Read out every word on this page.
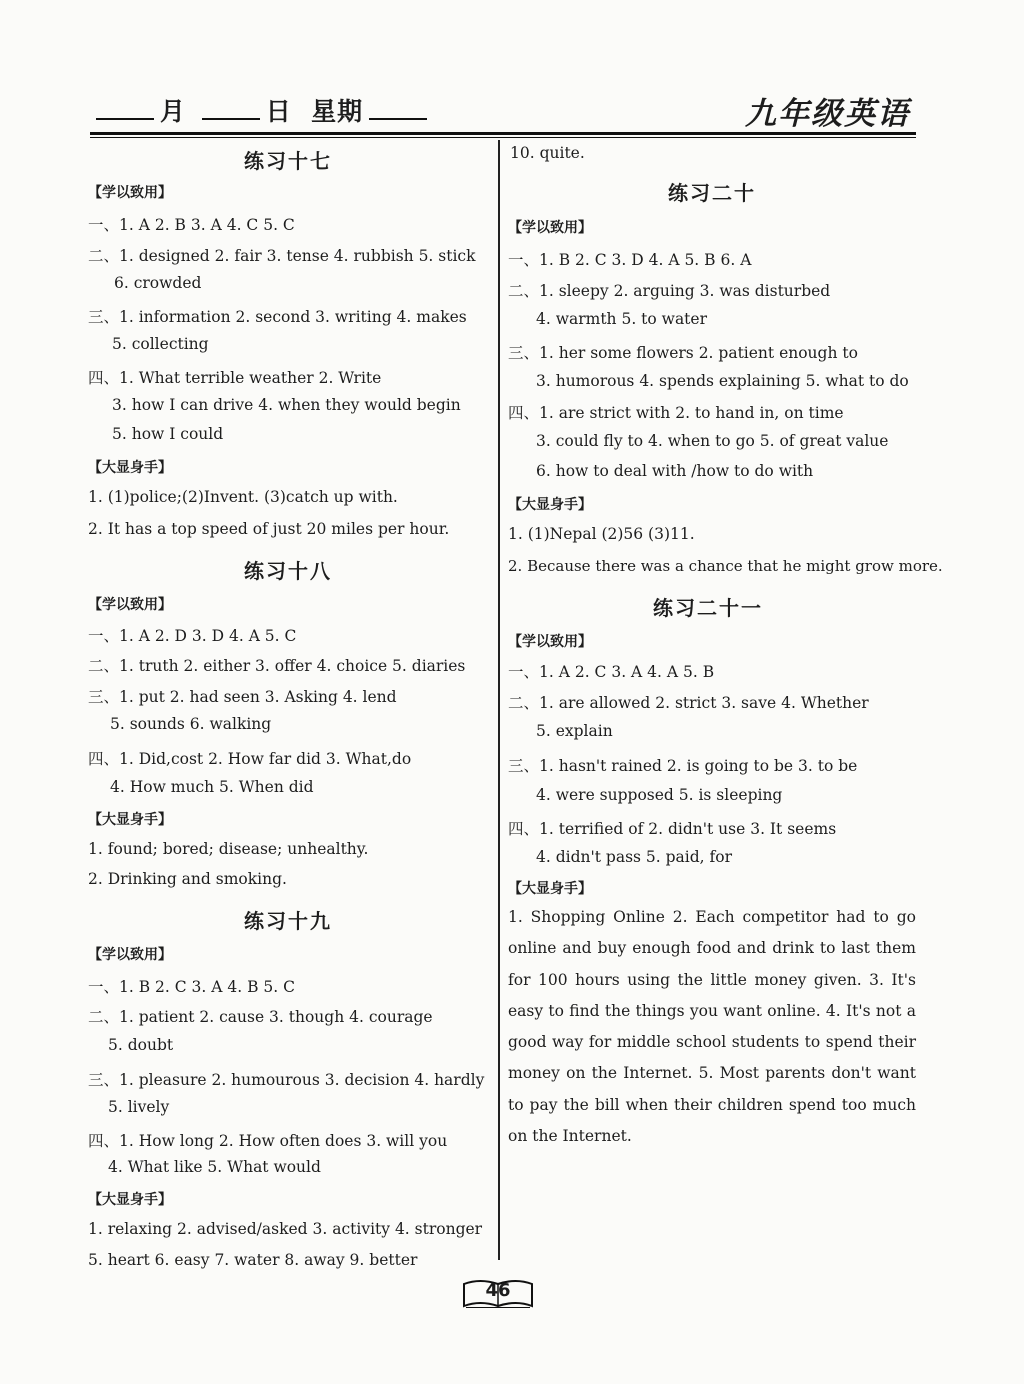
月	日 星期	九年级英语
练习十七
【学以致用】
一、1. A 2. B 3. A 4. C 5. C
二、1. designed 2. fair 3. tense 4. rubbish 5. stick
6. crowded
三、1. information 2. second 3. writing 4. makes
5. collecting
四、1. What terrible weather 2. Write
3. how I can drive 4. when they would begin
5. how I could
【大显身手】
1. (1)police;(2)Invent. (3)catch up with.
2. It has a top speed of just 20 miles per hour.
练习十八
【学以致用】
一、1. A 2. D 3. D 4. A 5. C
二、1. truth 2. either 3. offer 4. choice 5. diaries
三、1. put 2. had seen 3. Asking 4. lend
5. sounds 6. walking
四、1. Did,cost 2. How far did 3. What,do
4. How much 5. When did
【大显身手】
1. found; bored; disease; unhealthy.
2. Drinking and smoking.
练习十九
【学以致用】
一、1. B 2. C 3. A 4. B 5. C
二、1. patient 2. cause 3. though 4. courage
5. doubt
三、1. pleasure 2. humourous 3. decision 4. hardly
5. lively
四、1. How long 2. How often does 3. will you
4. What like 5. What would
【大显身手】
1. relaxing 2. advised/asked 3. activity 4. stronger
5. heart 6. easy 7. water 8. away 9. better
10. quite.
练习二十
【学以致用】
一、1. B 2. C 3. D 4. A 5. B 6. A
二、1. sleepy 2. arguing 3. was disturbed
4. warmth 5. to water
三、1. her some flowers 2. patient enough to
3. humorous 4. spends explaining 5. what to do
四、1. are strict with 2. to hand in, on time
3. could fly to 4. when to go 5. of great value
6. how to deal with /how to do with
【大显身手】
1. (1)Nepal (2)56 (3)11.
2. Because there was a chance that he might grow more.
练习二十一
【学以致用】
一、1. A 2. C 3. A 4. A 5. B
二、1. are allowed 2. strict 3. save 4. Whether
5. explain
三、1. hasn't rained 2. is going to be 3. to be
4. were supposed 5. is sleeping
四、1. terrified of 2. didn't use 3. It seems
4. didn't pass 5. paid, for
【大显身手】
1. Shopping Online 2. Each competitor had to go online and buy enough food and drink to last them for 100 hours using the little money given. 3. It's easy to find the things you want online. 4. It's not a good way for middle school students to spend their money on the Internet. 5. Most parents don't want to pay the bill when their children spend too much on the Internet.
46
